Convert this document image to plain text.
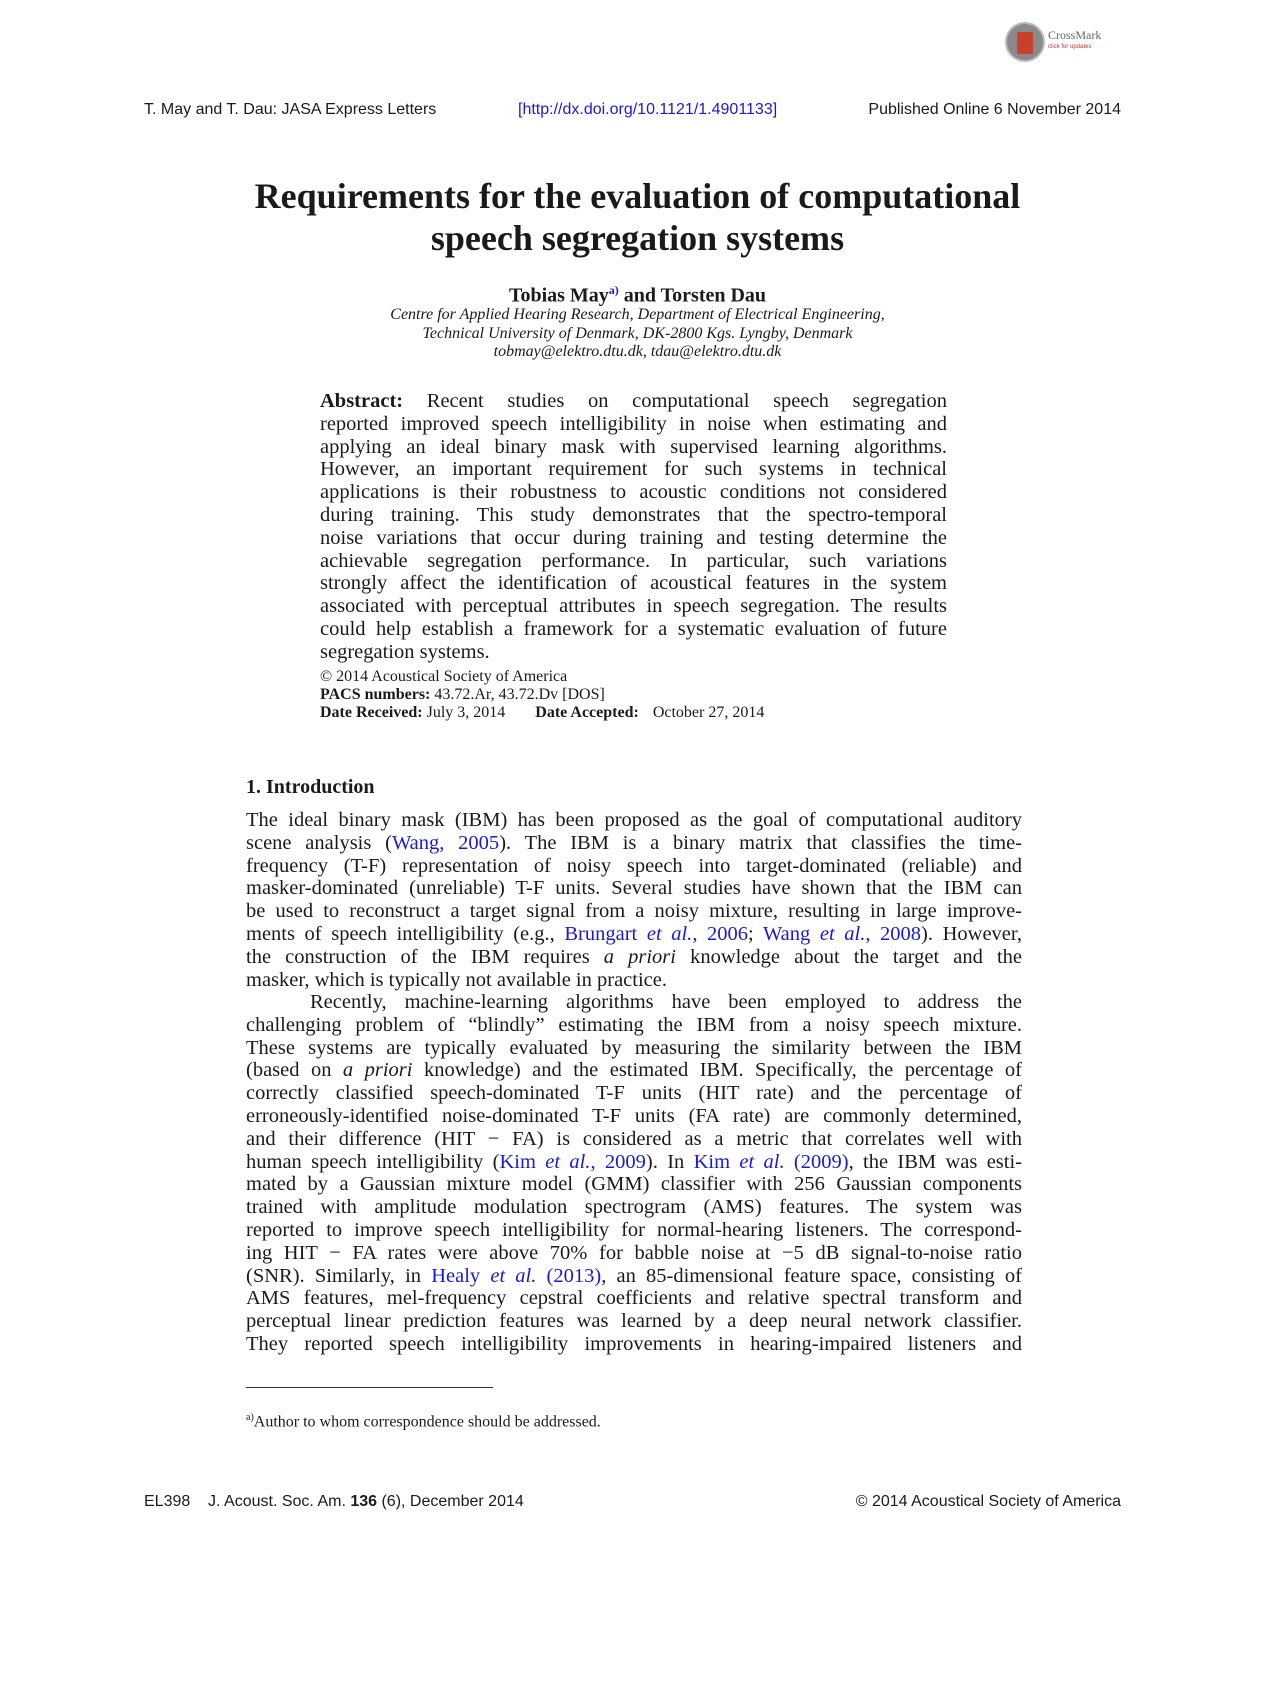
T. May and T. Dau: JASA Express Letters	[http://dx.doi.org/10.1121/1.4901133]	Published Online 6 November 2014
CrossMark
click for updates
Requirements for the evaluation of computational
speech segregation systems
Tobias May$^{a)}$ and Torsten Dau
Centre for Applied Hearing Research, Department of Electrical Engineering,
Technical University of Denmark, DK-2800 Kgs. Lyngby, Denmark
tobmay@elektro.dtu.dk, tdau@elektro.dtu.dk
Abstract: Recent studies on computational speech segregation
reported improved speech intelligibility in noise when estimating and
applying an ideal binary mask with supervised learning algorithms.
However, an important requirement for such systems in technical
applications is their robustness to acoustic conditions not considered
during training. This study demonstrates that the spectro-temporal
noise variations that occur during training and testing determine the
achievable segregation performance. In particular, such variations
strongly affect the identification of acoustical features in the system
associated with perceptual attributes in speech segregation. The results
could help establish a framework for a systematic evaluation of future
segregation systems.
© 2014 Acoustical Society of America
PACS numbers: 43.72.Ar, 43.72.Dv [DOS]
Date Received: July 3, 2014 Date Accepted: October 27, 2014
1. Introduction
The ideal binary mask (IBM) has been proposed as the goal of computational auditory
scene analysis (Wang, 2005). The IBM is a binary matrix that classifies the time-
frequency (T-F) representation of noisy speech into target-dominated (reliable) and
masker-dominated (unreliable) T-F units. Several studies have shown that the IBM can
be used to reconstruct a target signal from a noisy mixture, resulting in large improve-
ments of speech intelligibility (e.g., Brungart et al., 2006; Wang et al., 2008). However,
the construction of the IBM requires a priori knowledge about the target and the
masker, which is typically not available in practice.
Recently, machine-learning algorithms have been employed to address the
challenging problem of “blindly” estimating the IBM from a noisy speech mixture.
These systems are typically evaluated by measuring the similarity between the IBM
(based on a priori knowledge) and the estimated IBM. Specifically, the percentage of
correctly classified speech-dominated T-F units (HIT rate) and the percentage of
erroneously-identified noise-dominated T-F units (FA rate) are commonly determined,
and their difference (HIT − FA) is considered as a metric that correlates well with
human speech intelligibility (Kim et al., 2009). In Kim et al. (2009), the IBM was esti-
mated by a Gaussian mixture model (GMM) classifier with 256 Gaussian components
trained with amplitude modulation spectrogram (AMS) features. The system was
reported to improve speech intelligibility for normal-hearing listeners. The correspond-
ing HIT − FA rates were above 70% for babble noise at −5 dB signal-to-noise ratio
(SNR). Similarly, in Healy et al. (2013), an 85-dimensional feature space, consisting of
AMS features, mel-frequency cepstral coefficients and relative spectral transform and
perceptual linear prediction features was learned by a deep neural network classifier.
They reported speech intelligibility improvements in hearing-impaired listeners and
$^{a)}$Author to whom correspondence should be addressed.
EL398    J. Acoust. Soc. Am. 136 (6), December 2014	© 2014 Acoustical Society of America
